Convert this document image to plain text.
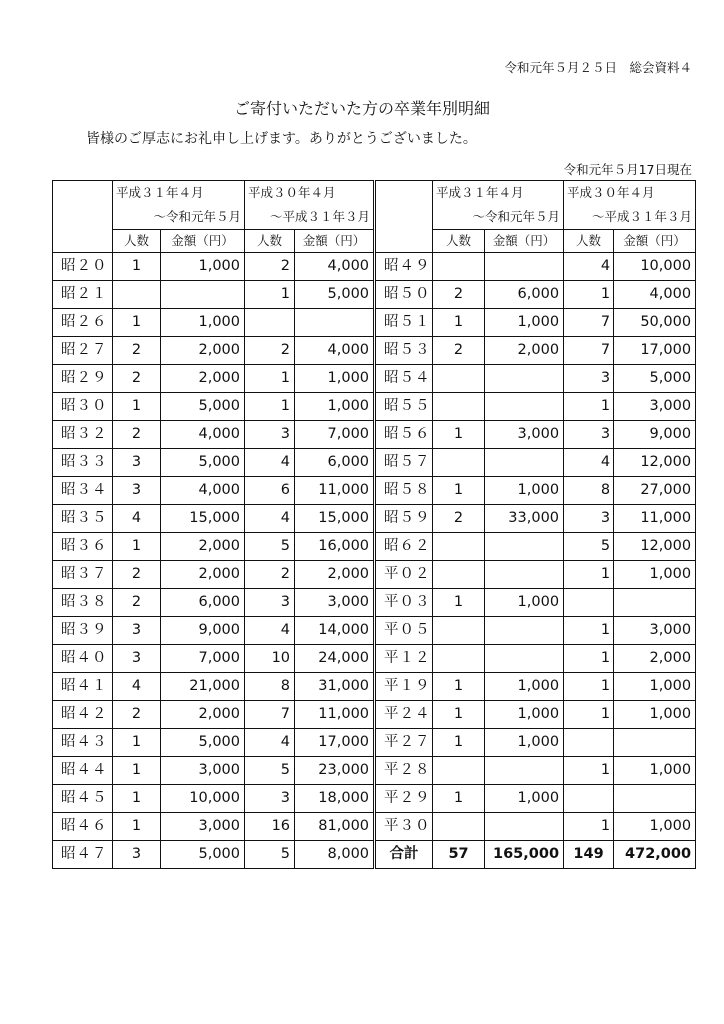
令和元年５月２５日　総会資料４
ご寄付いただいた方の卒業年別明細
皆様のご厚志にお礼申し上げます。ありがとうございました。
令和元年５月17日現在
	平成３１年４月		平成３０年４月			平成３１年４月		平成３０年４月	
	～令和元年５月		～平成３１年３月			～令和元年５月		～平成３１年３月	
	人数	金額（円）	人数	金額（円）		人数	金額（円）	人数	金額（円）
昭２０	1	1,000	2	4,000	昭４９			4	10,000
昭２１			1	5,000	昭５０	2	6,000	1	4,000
昭２６	1	1,000			昭５１	1	1,000	7	50,000
昭２７	2	2,000	2	4,000	昭５３	2	2,000	7	17,000
昭２９	2	2,000	1	1,000	昭５４			3	5,000
昭３０	1	5,000	1	1,000	昭５５			1	3,000
昭３２	2	4,000	3	7,000	昭５６	1	3,000	3	9,000
昭３３	3	5,000	4	6,000	昭５７			4	12,000
昭３４	3	4,000	6	11,000	昭５８	1	1,000	8	27,000
昭３５	4	15,000	4	15,000	昭５９	2	33,000	3	11,000
昭３６	1	2,000	5	16,000	昭６２			5	12,000
昭３７	2	2,000	2	2,000	平０２			1	1,000
昭３８	2	6,000	3	3,000	平０３	1	1,000		
昭３９	3	9,000	4	14,000	平０５			1	3,000
昭４０	3	7,000	10	24,000	平１２			1	2,000
昭４１	4	21,000	8	31,000	平１９	1	1,000	1	1,000
昭４２	2	2,000	7	11,000	平２４	1	1,000	1	1,000
昭４３	1	5,000	4	17,000	平２７	1	1,000		
昭４４	1	3,000	5	23,000	平２８			1	1,000
昭４５	1	10,000	3	18,000	平２９	1	1,000		
昭４６	1	3,000	16	81,000	平３０			1	1,000
昭４７	3	5,000	5	8,000	合計	57	165,000	149	472,000
